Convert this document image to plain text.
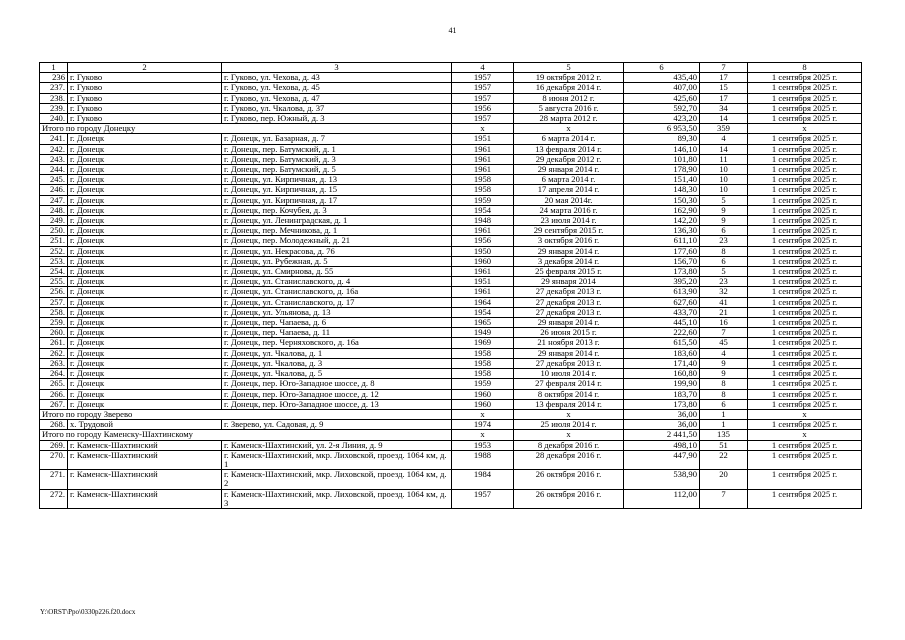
41
1	2	3	4	5	6	7	8
236	г. Гуково	г. Гуково, ул. Чехова, д. 43	1957	19 октября 2012 г.	435,40	17	1 сентября 2025 г.
237.	г. Гуково	г. Гуково, ул. Чехова, д. 45	1957	16 декабря 2014 г.	407,00	15	1 сентября 2025 г.
238.	г. Гуково	г. Гуково, ул. Чехова, д. 47	1957	8 июня 2012 г.	425,60	17	1 сентября 2025 г.
239.	г. Гуково	г. Гуково, ул. Чкалова, д. 37	1956	5 августа 2016 г.	592,70	34	1 сентября 2025 г.
240.	г. Гуково	г. Гуково, пер. Южный, д. 3	1957	28 марта 2012 г.	423,20	14	1 сентября 2025 г.
Итого по городу Донецку			х	х	6 953,50	359	х
241.	г. Донецк	г. Донецк, ул. Базарная, д. 7	1951	6 марта 2014 г.	89,30	4	1 сентября 2025 г.
242.	г. Донецк	г. Донецк, пер. Батумский, д. 1	1961	13 февраля 2014 г.	146,10	14	1 сентября 2025 г.
243.	г. Донецк	г. Донецк, пер. Батумский, д. 3	1961	29 декабря 2012 г.	101,80	11	1 сентября 2025 г.
244.	г. Донецк	г. Донецк, пер. Батумский, д. 5	1961	29 января 2014 г.	178,90	10	1 сентября 2025 г.
245.	г. Донецк	г. Донецк, ул. Кирпичная, д. 13	1958	6 марта 2014 г.	151,40	10	1 сентября 2025 г.
246.	г. Донецк	г. Донецк, ул. Кирпичная, д. 15	1958	17 апреля 2014 г.	148,30	10	1 сентября 2025 г.
247.	г. Донецк	г. Донецк, ул. Кирпичная, д. 17	1959	20 мая 2014г.	150,30	5	1 сентября 2025 г.
248.	г. Донецк	г. Донецк, пер. Кочубея, д. 3	1954	24 марта 2016 г.	162,90	9	1 сентября 2025 г.
249.	г. Донецк	г. Донецк, ул. Ленинградская, д. 1	1948	23 июля 2014 г.	142,20	9	1 сентября 2025 г.
250.	г. Донецк	г. Донецк, пер. Мечникова, д. 1	1961	29 сентября 2015 г.	136,30	6	1 сентября 2025 г.
251.	г. Донецк	г. Донецк, пер. Молодежный, д. 21	1956	3 октября 2016 г.	611,10	23	1 сентября 2025 г.
252.	г. Донецк	г. Донецк, ул. Некрасова, д. 76	1950	29 января 2014 г.	177,60	8	1 сентября 2025 г.
253.	г. Донецк	г. Донецк, ул. Рубежная, д. 5	1960	3 декабря 2014 г.	156,70	6	1 сентября 2025 г.
254.	г. Донецк	г. Донецк, ул. Смирнова, д. 55	1961	25 февраля 2015 г.	173,80	5	1 сентября 2025 г.
255.	г. Донецк	г. Донецк, ул. Станиславского, д. 4	1951	29 января 2014	395,20	23	1 сентября 2025 г.
256.	г. Донецк	г. Донецк, ул. Станиславского, д. 16а	1961	27 декабря 2013 г.	613,90	32	1 сентября 2025 г.
257.	г. Донецк	г. Донецк, ул. Станиславского, д. 17	1964	27 декабря 2013 г.	627,60	41	1 сентября 2025 г.
258.	г. Донецк	г. Донецк, ул. Ульянова, д. 13	1954	27 декабря 2013 г.	433,70	21	1 сентября 2025 г.
259.	г. Донецк	г. Донецк, пер. Чапаева, д. 6	1965	29 января 2014 г.	445,10	16	1 сентября 2025 г.
260.	г. Донецк	г. Донецк, пер. Чапаева, д. 11	1949	26 июня 2015 г.	222,60	7	1 сентября 2025 г.
261.	г. Донецк	г. Донецк, пер. Черняховского, д. 16а	1969	21 ноября 2013 г.	615,50	45	1 сентября 2025 г.
262.	г. Донецк	г. Донецк, ул. Чкалова, д. 1	1958	29 января 2014 г.	183,60	4	1 сентября 2025 г.
263.	г. Донецк	г. Донецк, ул. Чкалова, д. 3	1958	27 декабря 2013 г.	171,40	9	1 сентября 2025 г.
264.	г. Донецк	г. Донецк, ул. Чкалова, д. 5	1958	10 июля 2014 г.	160,80	9	1 сентября 2025 г.
265.	г. Донецк	г. Донецк, пер. Юго-Западное шоссе, д. 8	1959	27 февраля 2014 г.	199,90	8	1 сентября 2025 г.
266.	г. Донецк	г. Донецк, пер. Юго-Западное шоссе, д. 12	1960	8 октября 2014 г.	183,70	8	1 сентября 2025 г.
267.	г. Донецк	г. Донецк, пер. Юго-Западное шоссе, д. 13	1960	13 февраля 2014 г.	173,80	6	1 сентября 2025 г.
Итого по городу Зверево			х	х	36,00	1	х
268.	х. Трудовой	г. Зверево, ул. Садовая, д. 9	1974	25 июля 2014 г.	36,00	1	1 сентября 2025 г.
Итого по городу Каменску-Шахтинскому			х	х	2 441,50	135	х
269.	г. Каменск-Шахтинский	г. Каменск-Шахтинский, ул. 2-я Линия, д. 9	1953	8 декабря 2016 г.	498,10	51	1 сентября 2025 г.
270.	г. Каменск-Шахтинский	г. Каменск-Шахтинский, мкр. Лиховской, проезд. 1064 км, д. 1	1988	28 декабря 2016 г.	447,90	22	1 сентября 2025 г.
271.	г. Каменск-Шахтинский	г. Каменск-Шахтинский, мкр. Лиховской, проезд. 1064 км, д. 2	1984	26 октября 2016 г.	538,90	20	1 сентября 2025 г.
272.	г. Каменск-Шахтинский	г. Каменск-Шахтинский, мкр. Лиховской, проезд. 1064 км, д. 3	1957	26 октября 2016 г.	112,00	7	1 сентября 2025 г.
Y:\ORST\Ppo\0330p226.f20.docx
